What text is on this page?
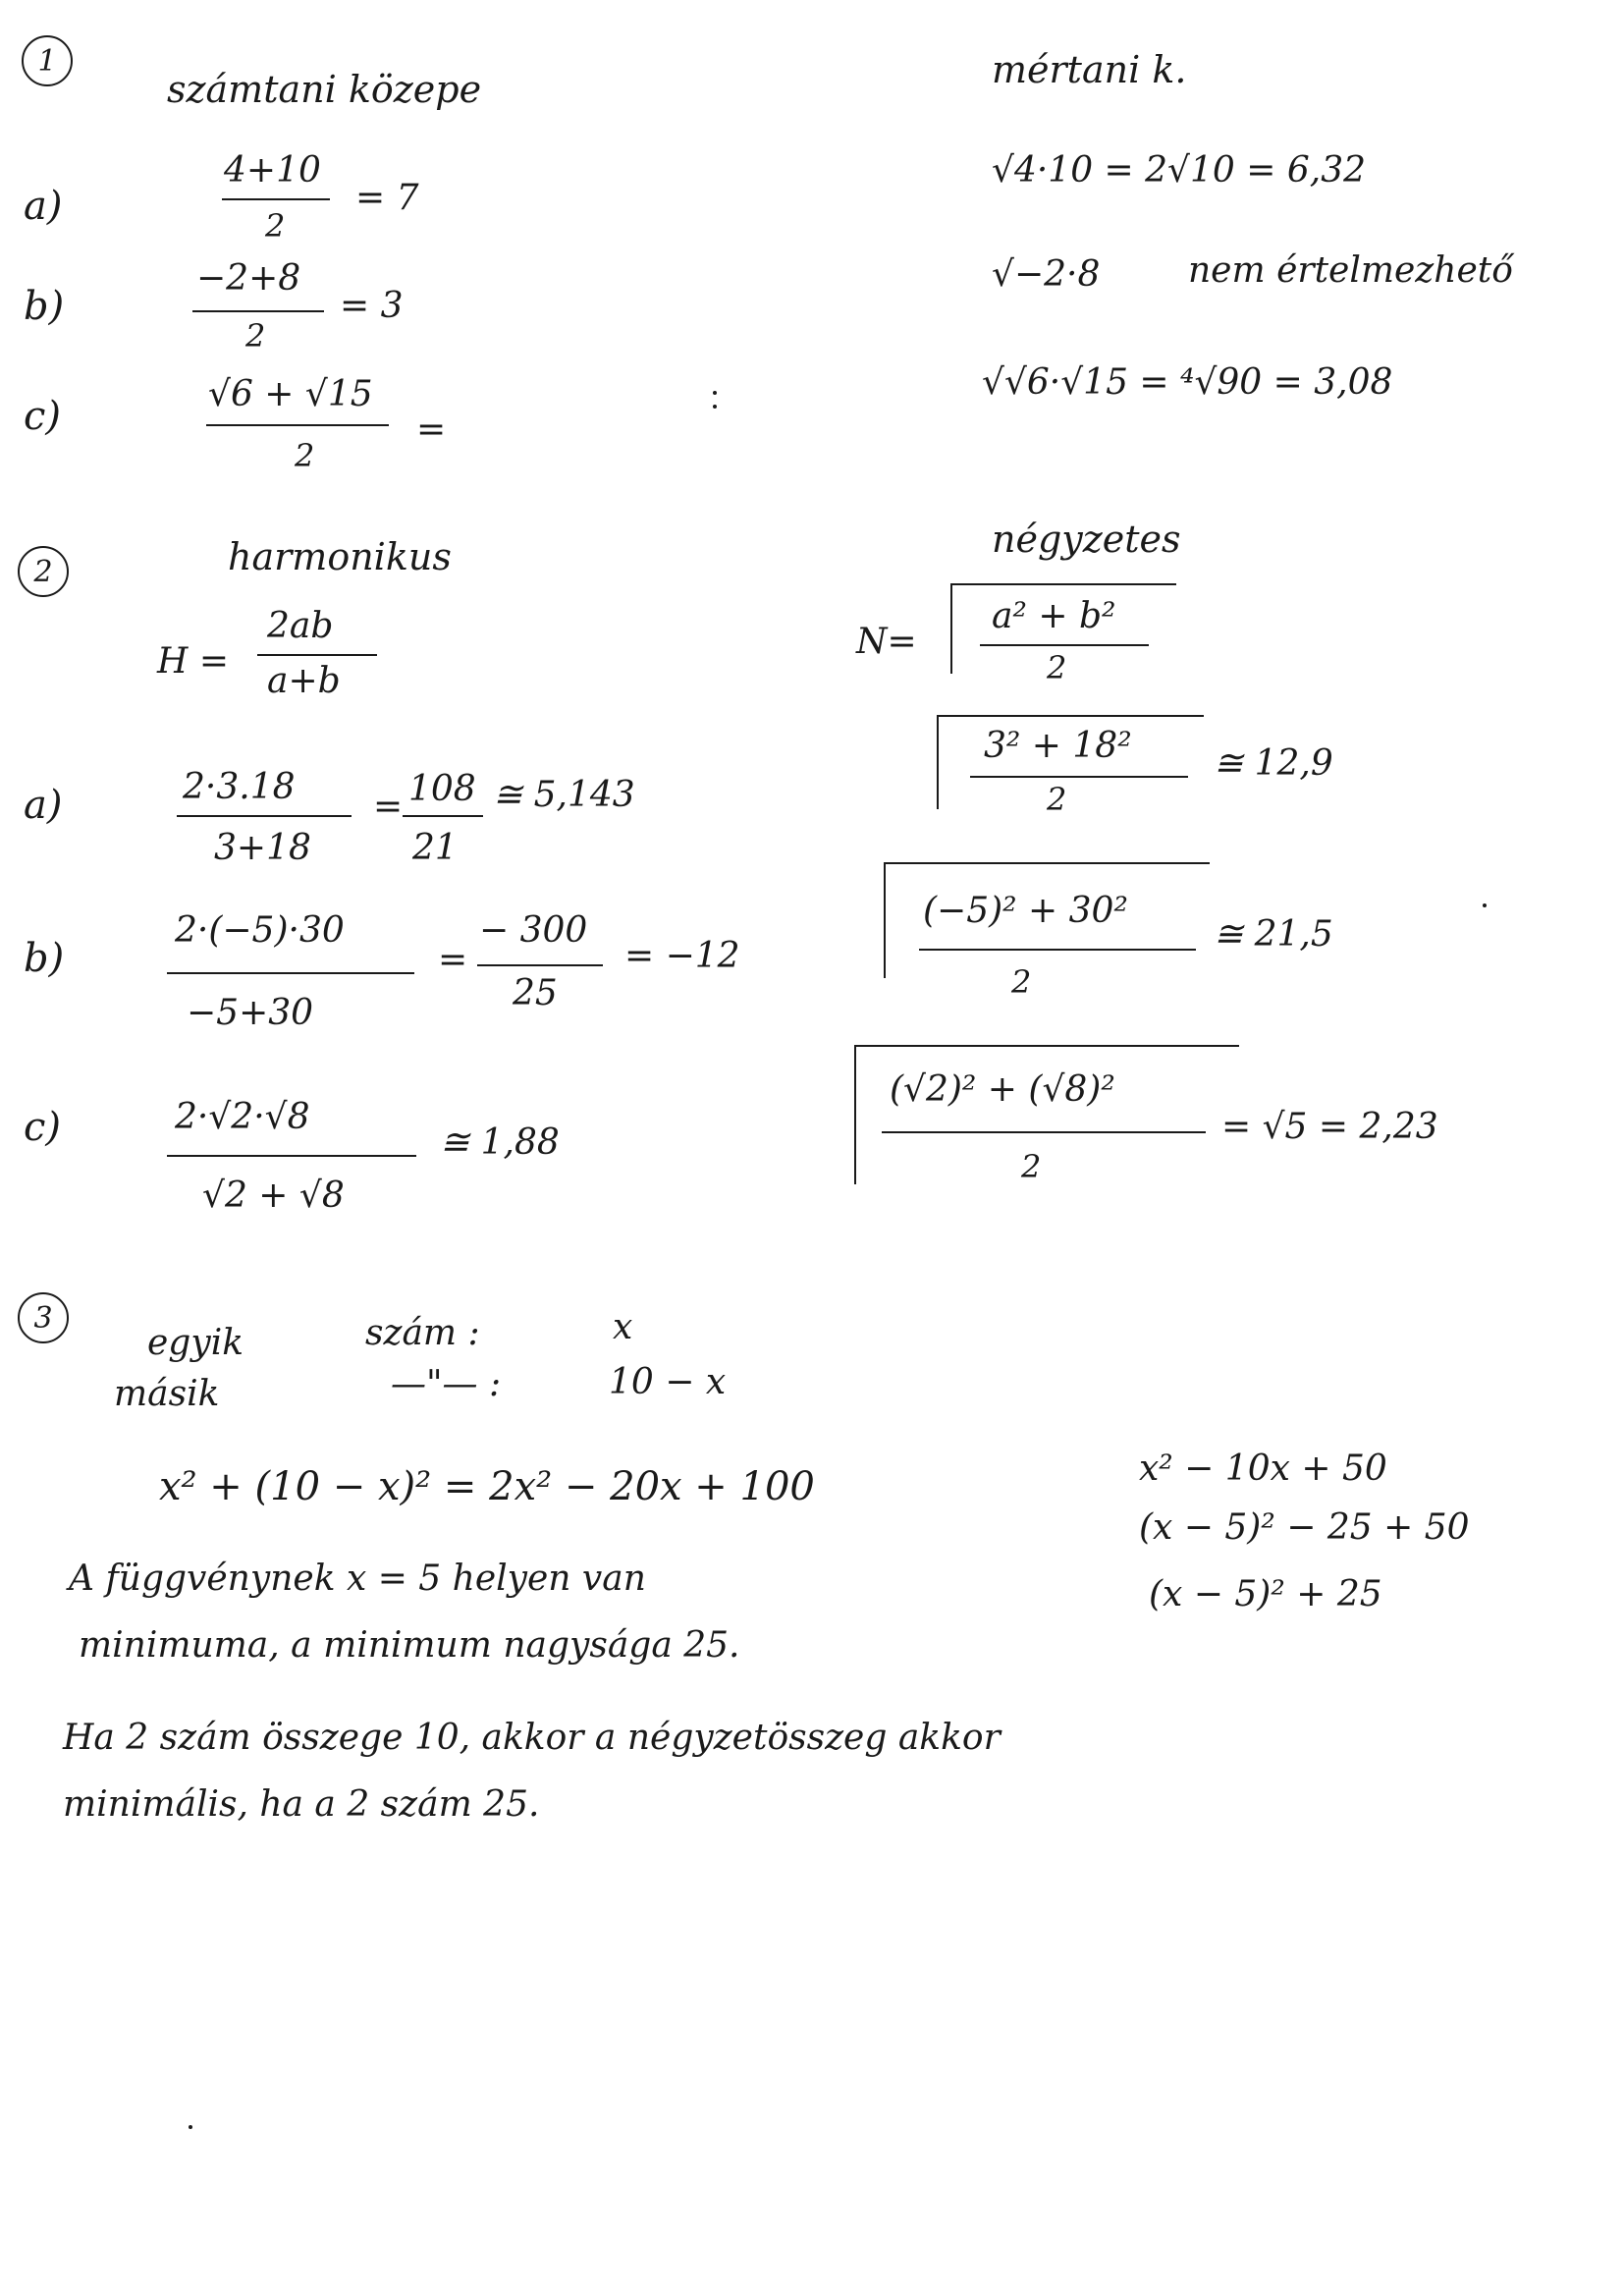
1
számtani közepe	mértani k.
a)
4+10
2
= 7
b)
−2+8
2
= 3
c)	√6 + √15
2
=
√4·10 = 2√10 = 6,32
√−2·8 nem értelmezhető
√√6·√15 = ⁴√90 = 3,08
2	harmonikus	négyzetes
H =
2ab
a+b
N=
a² + b²
2
a)	2·3.18
3+18
= 108
21
≅ 5,143
3² + 18²
2
≅ 12,9
b)
2·(−5)·30
−5+30
=
− 300
25
= −12
(−5)² + 30²
2
≅ 21,5
c)	2·√2·√8
√2 + √8
≅ 1,88
(√2)² + (√8)²
2
= √5 = 2,23
3
egyik	szám :	x
másik	—"— :	10 − x
x² + (10 − x)² = 2x² − 20x + 100	x² − 10x + 50
(x − 5)² − 25 + 50
(x − 5)² + 25
A függvénynek x = 5 helyen van
minimuma, a minimum nagysága 25.
Ha 2 szám összege 10, akkor a négyzetösszeg akkor
minimális, ha a 2 szám 25.
